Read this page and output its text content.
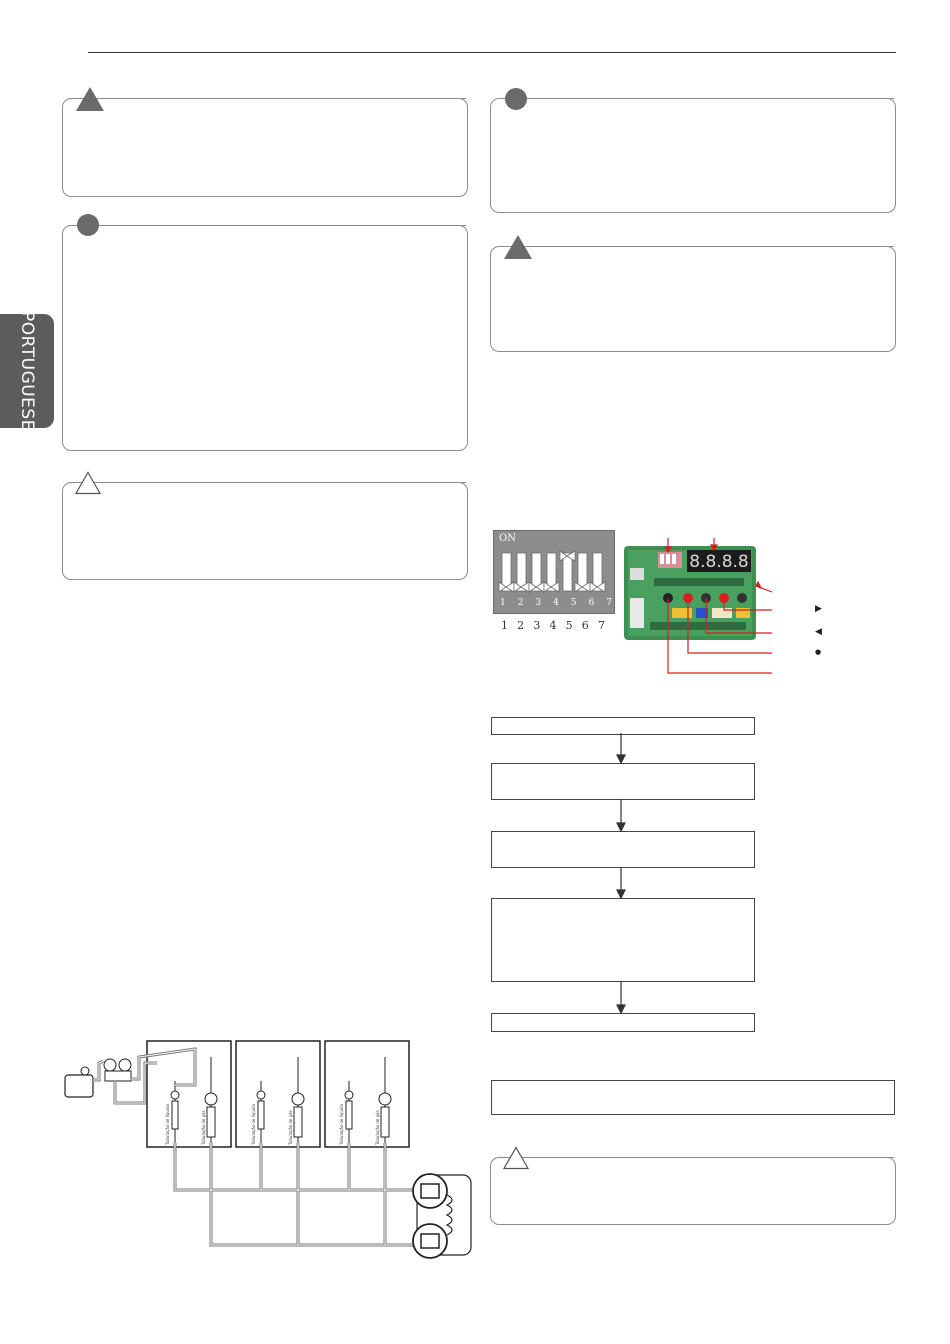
PORTUGUESE
ON
1 2 3 4 5 6 7
1 2 3 4 5 6 7
8.8.8.8
▶
◀
●
Tubulação de líquido	Tubulação de gás	Tubulação de líquido	Tubulação de gás	Tubulação de líquido	Tubulação de gás
